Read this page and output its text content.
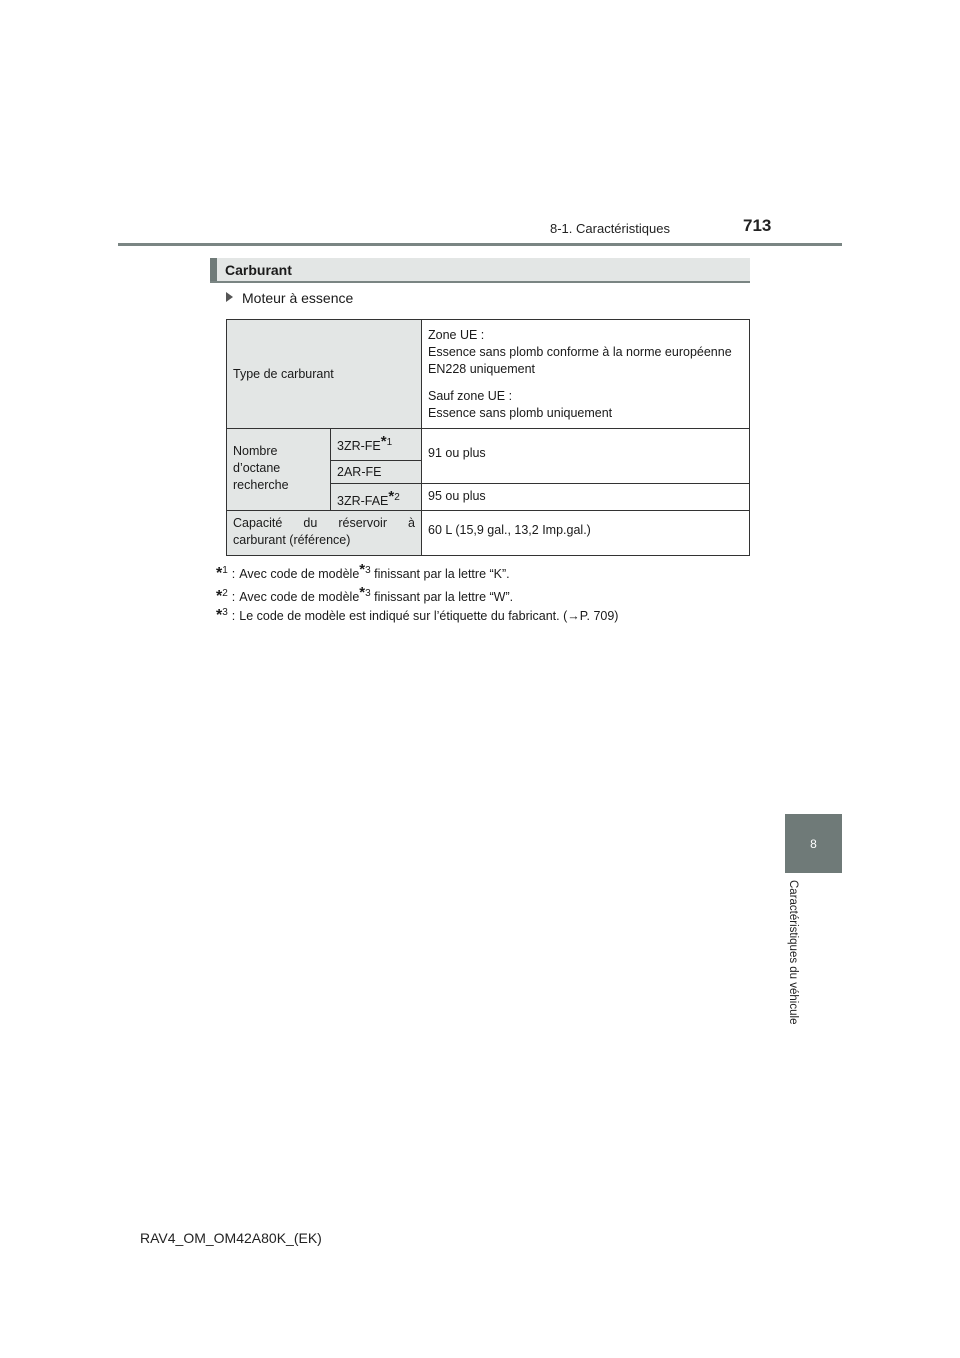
8-1. Caractéristiques	713
8
Caractéristiques du véhicule
Carburant
Moteur à essence
Type de carburant		Zone UE :

Essence sans plomb conforme à la norme européenne

EN228 uniquement

Sauf zone UE :

Essence sans plomb uniquement

Nombre
d’octane
recherche	3ZR-FE*$^1$	91 ou plus

	2AR-FE	

	3ZR-FAE*$^2$	95 ou plus

Capacité du réservoir à
carburant (référence)		60 L (15,9 gal., 13,2 Imp.gal.)
*$^1$ : Avec code de modèle*$^3$ finissant par la lettre “K”.
*$^2$ : Avec code de modèle*$^3$ finissant par la lettre “W”.
*$^3$ : Le code de modèle est indiqué sur l’étiquette du fabricant. (→P. 709)
RAV4_OM_OM42A80K_(EK)
